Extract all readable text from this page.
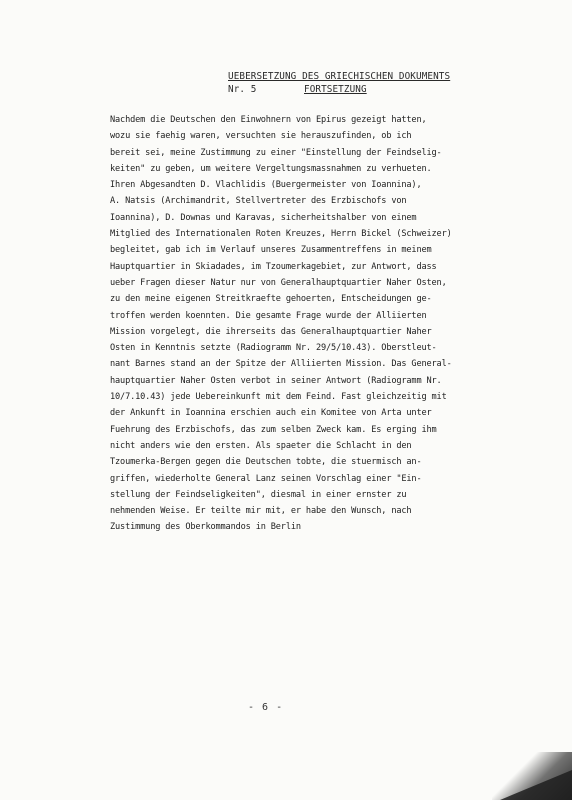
UEBERSETZUNG DES GRIECHISCHEN DOKUMENTS
Nr. 5	FORTSETZUNG
Nachdem die Deutschen den Einwohnern von Epirus gezeigt hatten,
wozu sie faehig waren, versuchten sie herauszufinden, ob ich
bereit sei, meine Zustimmung zu einer "Einstellung der Feindselig-
keiten" zu geben, um weitere Vergeltungsmassnahmen zu verhueten.
Ihren Abgesandten D. Vlachlidis (Buergermeister von Ioannina),
A. Natsis (Archimandrit, Stellvertreter des Erzbischofs von
Ioannina), D. Downas und Karavas, sicherheitshalber von einem
Mitglied des Internationalen Roten Kreuzes, Herrn Bickel (Schweizer)
begleitet, gab ich im Verlauf unseres Zusammentreffens in meinem
Hauptquartier in Skiadades, im Tzoumerkagebiet, zur Antwort, dass
ueber Fragen dieser Natur nur von Generalhauptquartier Naher Osten,
zu den meine eigenen Streitkraefte gehoerten, Entscheidungen ge-
troffen werden koennten. Die gesamte Frage wurde der Alliierten
Mission vorgelegt, die ihrerseits das Generalhauptquartier Naher
Osten in Kenntnis setzte (Radiogramm Nr. 29/5/10.43). Oberstleut-
nant Barnes stand an der Spitze der Alliierten Mission. Das General-
hauptquartier Naher Osten verbot in seiner Antwort (Radiogramm Nr.
10/7.10.43) jede Uebereinkunft mit dem Feind. Fast gleichzeitig mit
der Ankunft in Ioannina erschien auch ein Komitee von Arta unter
Fuehrung des Erzbischofs, das zum selben Zweck kam. Es erging ihm
nicht anders wie den ersten. Als spaeter die Schlacht in den
Tzoumerka-Bergen gegen die Deutschen tobte, die stuermisch an-
griffen, wiederholte General Lanz seinen Vorschlag einer "Ein-
stellung der Feindseligkeiten", diesmal in einer ernster zu
nehmenden Weise. Er teilte mir mit, er habe den Wunsch, nach
Zustimmung des Oberkommandos in Berlin
- 6 -
